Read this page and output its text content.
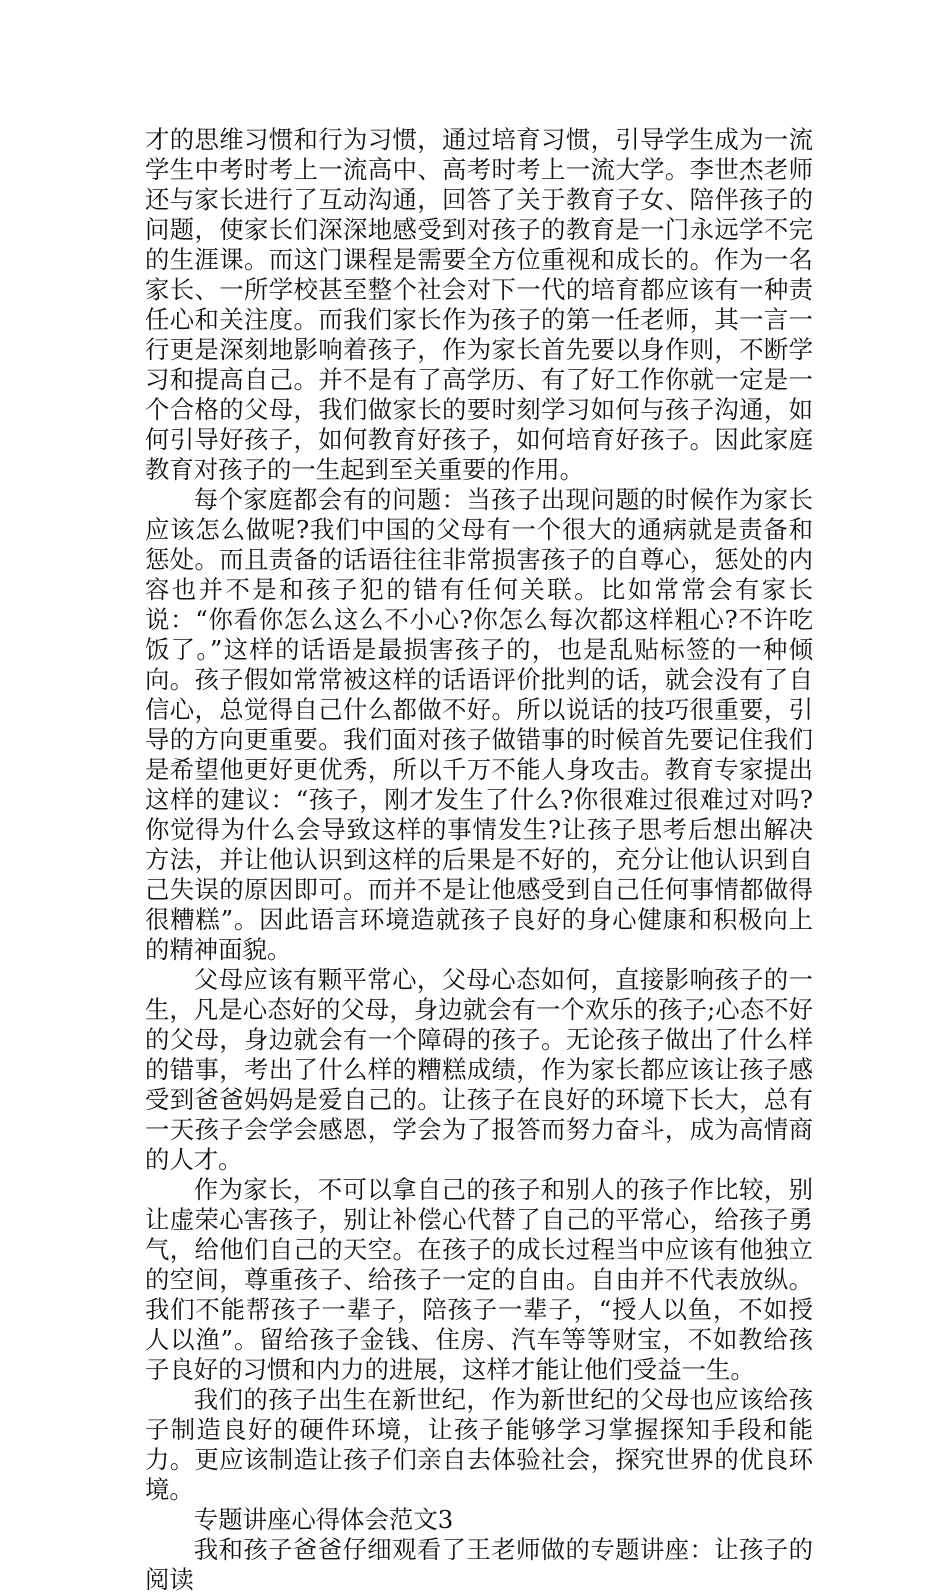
才的思维习惯和行为习惯，通过培育习惯，引导学生成为一流学生中考时考上一流高中、高考时考上一流大学。李世杰老师还与家长进行了互动沟通，回答了关于教育子女、陪伴孩子的问题，使家长们深深地感受到对孩子的教育是一门永远学不完的生涯课。而这门课程是需要全方位重视和成长的。作为一名家长、一所学校甚至整个社会对下一代的培育都应该有一种责任心和关注度。而我们家长作为孩子的第一任老师，其一言一行更是深刻地影响着孩子，作为家长首先要以身作则，不断学习和提高自己。并不是有了高学历、有了好工作你就一定是一个合格的父母，我们做家长的要时刻学习如何与孩子沟通，如何引导好孩子，如何教育好孩子，如何培育好孩子。因此家庭教育对孩子的一生起到至关重要的作用。

每个家庭都会有的问题：当孩子出现问题的时候作为家长应该怎么做呢?我们中国的父母有一个很大的通病就是责备和惩处。而且责备的话语往往非常损害孩子的自尊心，惩处的内容也并不是和孩子犯的错有任何关联。比如常常会有家长说：“你看你怎么这么不小心?你怎么每次都这样粗心?不许吃饭了。”这样的话语是最损害孩子的，也是乱贴标签的一种倾向。孩子假如常常被这样的话语评价批判的话，就会没有了自信心，总觉得自己什么都做不好。所以说话的技巧很重要，引导的方向更重要。我们面对孩子做错事的时候首先要记住我们是希望他更好更优秀，所以千万不能人身攻击。教育专家提出这样的建议：“孩子，刚才发生了什么?你很难过很难过对吗?你觉得为什么会导致这样的事情发生?让孩子思考后想出解决方法，并让他认识到这样的后果是不好的，充分让他认识到自己失误的原因即可。而并不是让他感受到自己任何事情都做得很糟糕”。因此语言环境造就孩子良好的身心健康和积极向上的精神面貌。

父母应该有颗平常心，父母心态如何，直接影响孩子的一生，凡是心态好的父母，身边就会有一个欢乐的孩子;心态不好的父母，身边就会有一个障碍的孩子。无论孩子做出了什么样的错事，考出了什么样的糟糕成绩，作为家长都应该让孩子感受到爸爸妈妈是爱自己的。让孩子在良好的环境下长大，总有一天孩子会学会感恩，学会为了报答而努力奋斗，成为高情商的人才。

作为家长，不可以拿自己的孩子和别人的孩子作比较，别让虚荣心害孩子，别让补偿心代替了自己的平常心，给孩子勇气，给他们自己的天空。在孩子的成长过程当中应该有他独立的空间，尊重孩子、给孩子一定的自由。自由并不代表放纵。我们不能帮孩子一辈子，陪孩子一辈子，“授人以鱼，不如授人以渔”。留给孩子金钱、住房、汽车等等财宝，不如教给孩子良好的习惯和内力的进展，这样才能让他们受益一生。

我们的孩子出生在新世纪，作为新世纪的父母也应该给孩子制造良好的硬件环境，让孩子能够学习掌握探知手段和能力。更应该制造让孩子们亲自去体验社会，探究世界的优良环境。

专题讲座心得体会范文3

我和孩子爸爸仔细观看了王老师做的专题讲座：让孩子的阅读
